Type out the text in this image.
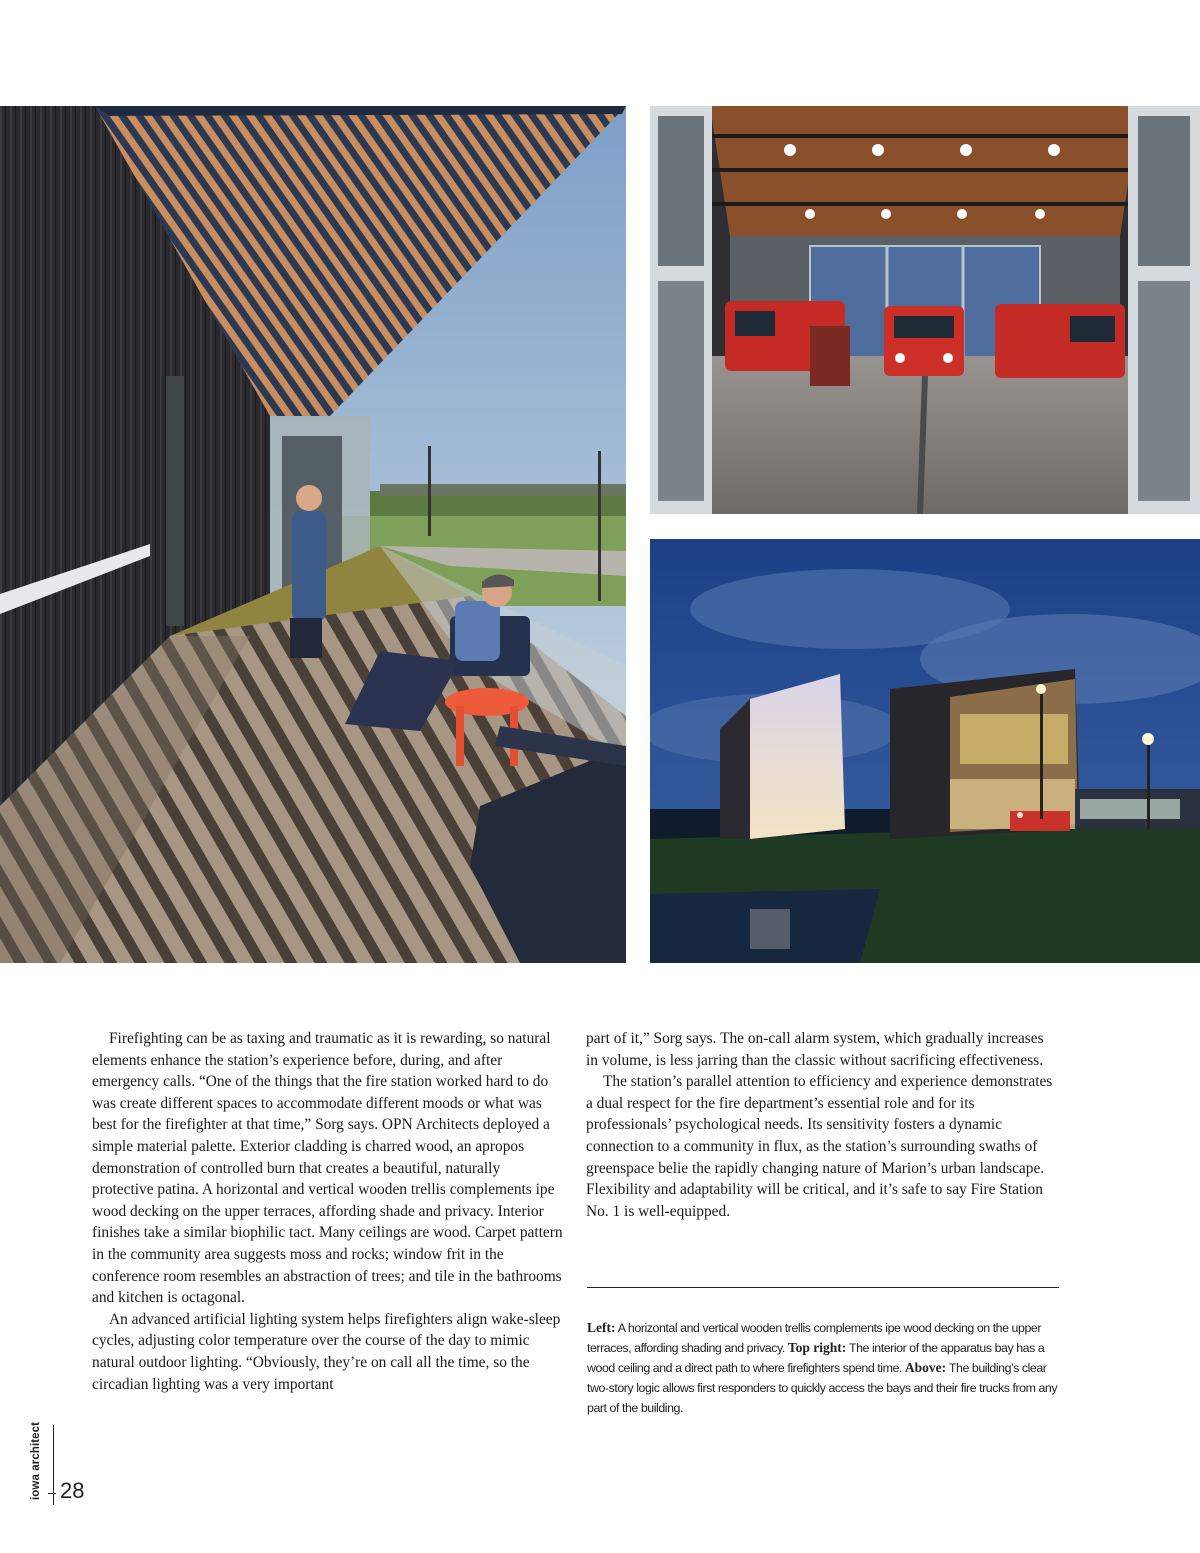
Firefighting can be as taxing and traumatic as it is rewarding, so natural elements enhance the station’s experience before, during, and after emergency calls. “One of the things that the fire station worked hard to do was create different spaces to accommodate different moods or what was best for the firefighter at that time,” Sorg says. OPN Architects deployed a simple material palette. Exterior cladding is charred wood, an apropos demonstration of controlled burn that creates a beautiful, naturally protective patina. A horizontal and vertical wooden trellis complements ipe wood decking on the upper terraces, affording shade and privacy. Interior finishes take a similar biophilic tact. Many ceilings are wood. Carpet pattern in the community area suggests moss and rocks; window frit in the conference room resembles an abstraction of trees; and tile in the bathrooms and kitchen is octagonal.

An advanced artificial lighting system helps firefighters align wake-sleep cycles, adjusting color temperature over the course of the day to mimic natural outdoor lighting. “Obviously, they’re on call all the time, so the circadian lighting was a very important

part of it,” Sorg says. The on-call alarm system, which gradually increases in volume, is less jarring than the classic without sacrificing effectiveness.

The station’s parallel attention to efficiency and experience demonstrates a dual respect for the fire department’s essential role and for its professionals’ psychological needs. Its sensitivity fosters a dynamic connection to a community in flux, as the station’s surrounding swaths of greenspace belie the rapidly changing nature of Marion’s urban landscape. Flexibility and adaptability will be critical, and it’s safe to say Fire Station No. 1 is well-equipped.

Left: A horizontal and vertical wooden trellis complements ipe wood decking on the upper terraces, affording shading and privacy. Top right: The interior of the apparatus bay has a wood ceiling and a direct path to where firefighters spend time. Above: The building’s clear two-story logic allows first responders to quickly access the bays and their fire trucks from any part of the building.
iowa architect 28
